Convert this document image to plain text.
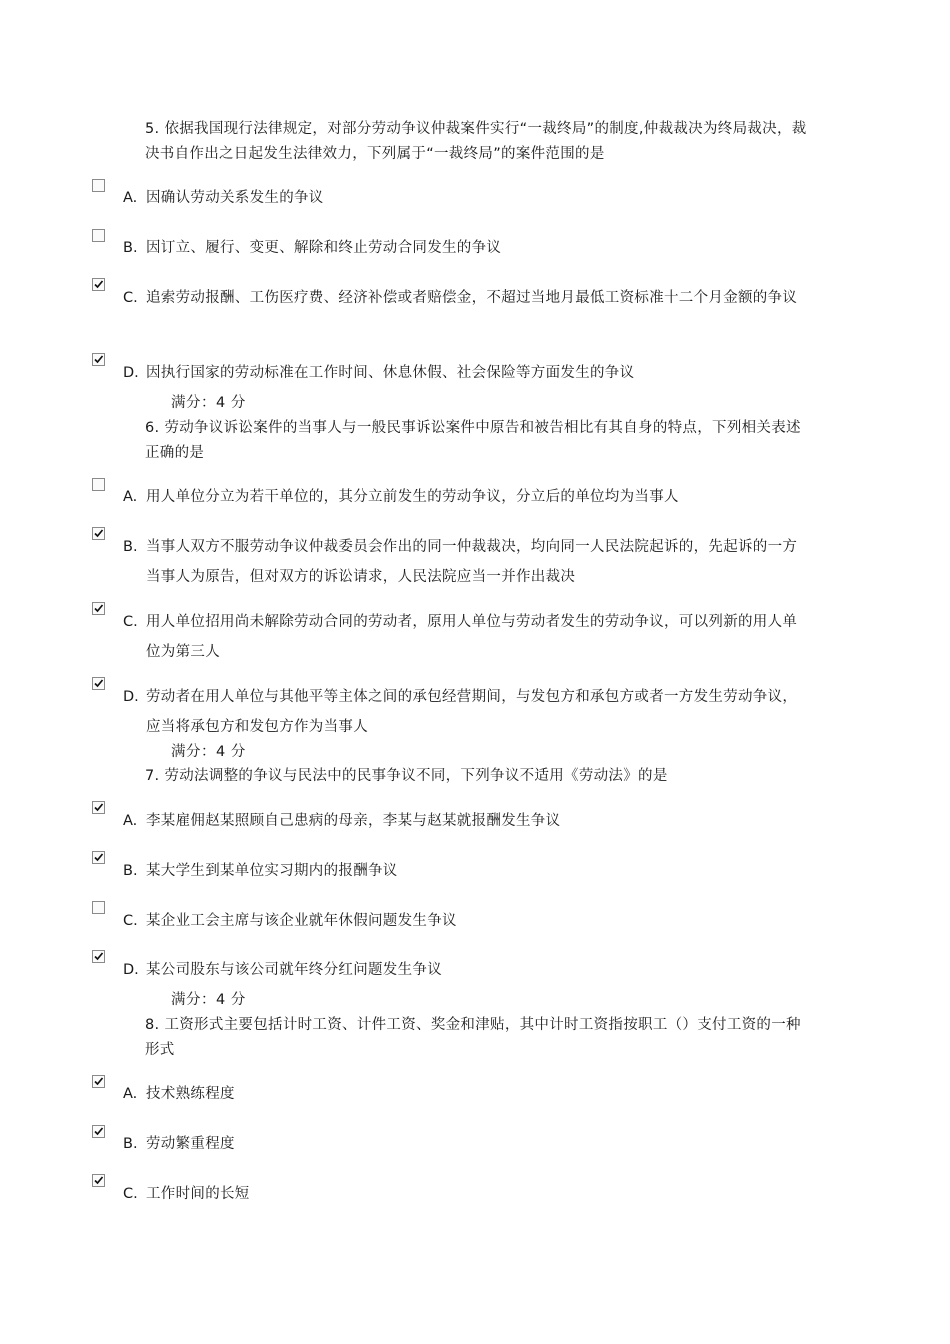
5. 依据我国现行法律规定，对部分劳动争议仲裁案件实行“一裁终局”的制度,仲裁裁决为终局裁决，裁决书自作出之日起发生法律效力，下列属于“一裁终局”的案件范围的是
A. 因确认劳动关系发生的争议
B. 因订立、履行、变更、解除和终止劳动合同发生的争议
C. 追索劳动报酬、工伤医疗费、经济补偿或者赔偿金，不超过当地月最低工资标准十二个月金额的争议
D. 因执行国家的劳动标准在工作时间、休息休假、社会保险等方面发生的争议
满分：4 分
6. 劳动争议诉讼案件的当事人与一般民事诉讼案件中原告和被告相比有其自身的特点，下列相关表述正确的是
A. 用人单位分立为若干单位的，其分立前发生的劳动争议，分立后的单位均为当事人
B. 当事人双方不服劳动争议仲裁委员会作出的同一仲裁裁决，均向同一人民法院起诉的，先起诉的一方当事人为原告，但对双方的诉讼请求，人民法院应当一并作出裁决
C. 用人单位招用尚未解除劳动合同的劳动者，原用人单位与劳动者发生的劳动争议，可以列新的用人单位为第三人
D. 劳动者在用人单位与其他平等主体之间的承包经营期间，与发包方和承包方或者一方发生劳动争议，应当将承包方和发包方作为当事人
满分：4 分
7. 劳动法调整的争议与民法中的民事争议不同，下列争议不适用《劳动法》的是
A. 李某雇佣赵某照顾自己患病的母亲，李某与赵某就报酬发生争议
B. 某大学生到某单位实习期内的报酬争议
C. 某企业工会主席与该企业就年休假问题发生争议
D. 某公司股东与该公司就年终分红问题发生争议
满分：4 分
8. 工资形式主要包括计时工资、计件工资、奖金和津贴，其中计时工资指按职工（）支付工资的一种形式
A. 技术熟练程度
B. 劳动繁重程度
C. 工作时间的长短
